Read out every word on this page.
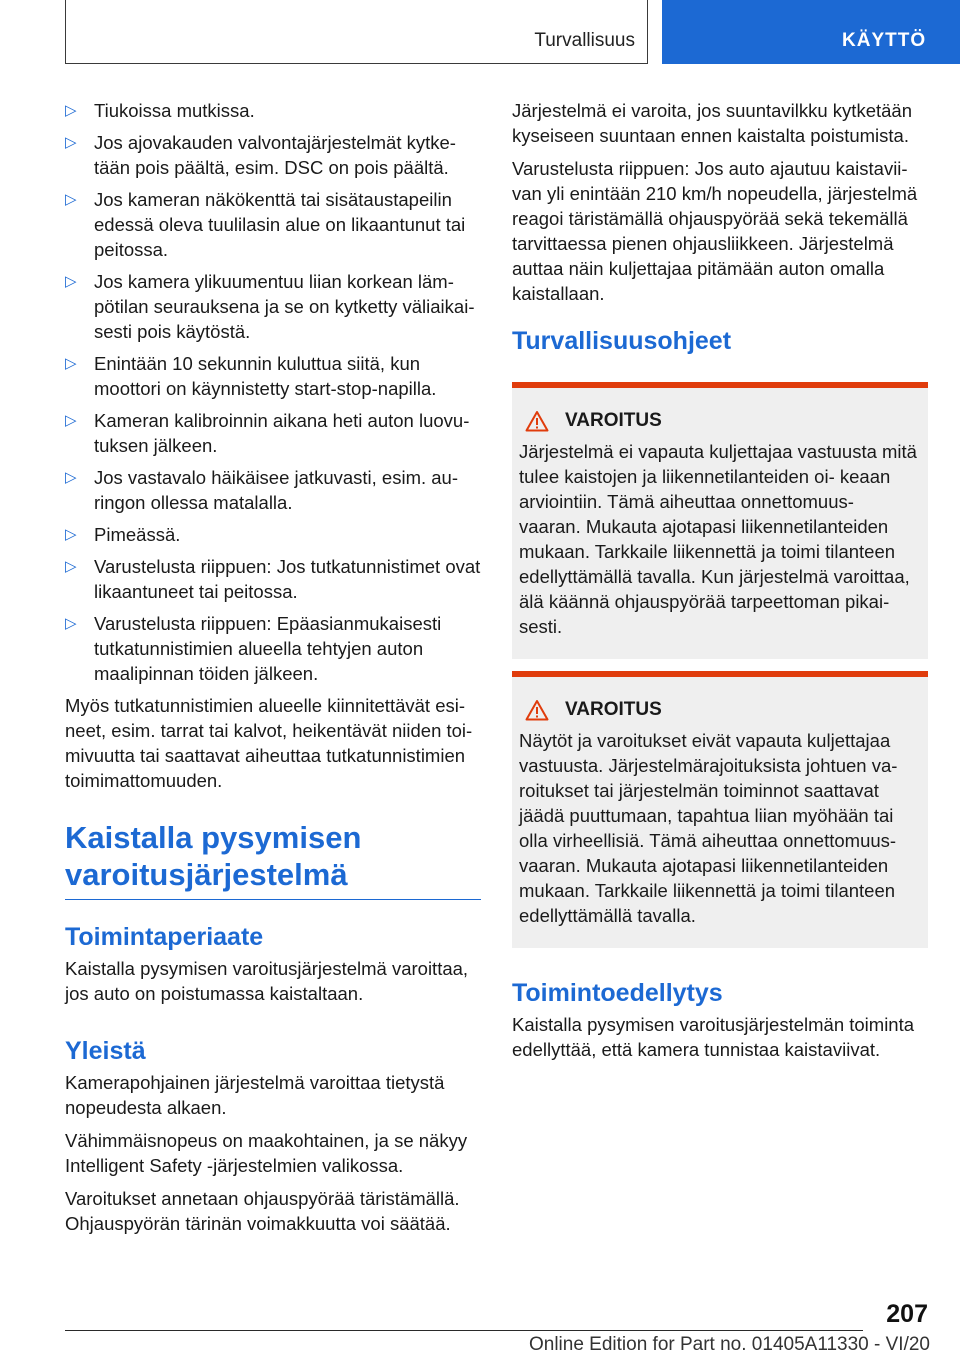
Turvallisuus	KÄYTTÖ
▷ Tiukoissa mutkissa.
▷ Jos ajovakauden valvontajärjestelmät kytke‐ tään pois päältä, esim. DSC on pois päältä.
▷ Jos kameran näkökenttä tai sisätaustapeilin edessä oleva tuulilasin alue on likaantunut tai peitossa.
▷ Jos kamera ylikuumentuu liian korkean läm‐ pötilan seurauksena ja se on kytketty väliaikai‐ sesti pois käytöstä.
▷ Enintään 10 sekunnin kuluttua siitä, kun moottori on käynnistetty start-stop-napilla.
▷ Kameran kalibroinnin aikana heti auton luovu‐ tuksen jälkeen.
▷ Jos vastavalo häikäisee jatkuvasti, esim. au‐ ringon ollessa matalalla.
▷ Pimeässä.
▷ Varustelusta riippuen: Jos tutkatunnistimet ovat likaantuneet tai peitossa.
▷ Varustelusta riippuen: Epäasianmukaisesti tutkatunnistimien alueella tehtyjen auton maalipinnan töiden jälkeen.

Myös tutkatunnistimien alueelle kiinnitettävät esi‐ neet, esim. tarrat tai kalvot, heikentävät niiden toi‐ mivuutta tai saattavat aiheuttaa tutkatunnistimien toimimattomuuden.

Kaistalla pysymisen varoitusjärjestelmä
Toimintaperiaate

Kaistalla pysymisen varoitusjärjestelmä varoittaa, jos auto on poistumassa kaistaltaan.

Yleistä

Kamerapohjainen järjestelmä varoittaa tietystä nopeudesta alkaen.

Vähimmäisnopeus on maakohtainen, ja se näkyy Intelligent Safety -järjestelmien valikossa.

Varoitukset annetaan ohjauspyörää täristämällä. Ohjauspyörän tärinän voimakkuutta voi säätää.

Järjestelmä ei varoita, jos suuntavilkku kytketään kyseiseen suuntaan ennen kaistalta poistumista.

Varustelusta riippuen: Jos auto ajautuu kaistavii‐ van yli enintään 210 km/h nopeudella, järjestelmä reagoi täristämällä ohjauspyörää sekä tekemällä tarvittaessa pienen ohjausliikkeen. Järjestelmä auttaa näin kuljettajaa pitämään auton omalla kaistallaan.

Turvallisuusohjeet
VAROITUS

Järjestelmä ei vapauta kuljettajaa vastuusta mitä tulee kaistojen ja liikennetilanteiden oi‐ keaan arviointiin. Tämä aiheuttaa onnettomuus‐ vaaran. Mukauta ajotapasi liikennetilanteiden mukaan. Tarkkaile liikennettä ja toimi tilanteen edellyttämällä tavalla. Kun järjestelmä varoittaa, älä käännä ohjauspyörää tarpeettoman pikai‐ sesti.

VAROITUS

Näytöt ja varoitukset eivät vapauta kuljettajaa vastuusta. Järjestelmärajoituksista johtuen va‐ roitukset tai järjestelmän toiminnot saattavat jäädä puuttumaan, tapahtua liian myöhään tai olla virheellisiä. Tämä aiheuttaa onnettomuus‐ vaaran. Mukauta ajotapasi liikennetilanteiden mukaan. Tarkkaile liikennettä ja toimi tilanteen edellyttämällä tavalla.

Toimintoedellytys

Kaistalla pysymisen varoitusjärjestelmän toiminta edellyttää, että kamera tunnistaa kaistaviivat.

207
Online Edition for Part no. 01405A11330 - VI/20
